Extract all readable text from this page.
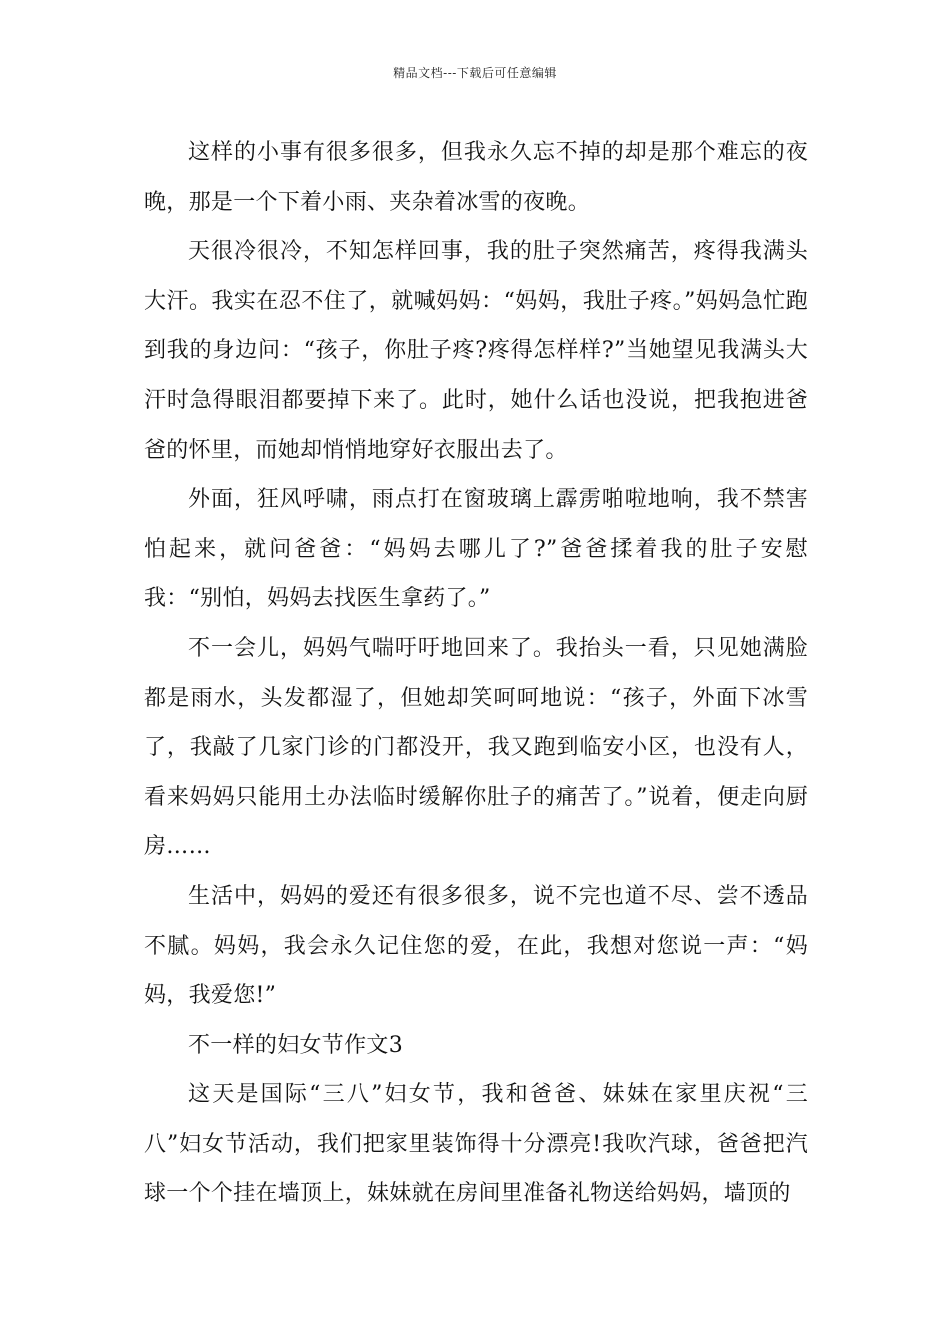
精品文档---下载后可任意编辑

这样的小事有很多很多，但我永久忘不掉的却是那个难忘的夜晚，那是一个下着小雨、夹杂着冰雪的夜晚。

天很冷很冷，不知怎样回事，我的肚子突然痛苦，疼得我满头大汗。我实在忍不住了，就喊妈妈：“妈妈，我肚子疼。”妈妈急忙跑到我的身边问：“孩子，你肚子疼?疼得怎样样?”当她望见我满头大汗时急得眼泪都要掉下来了。此时，她什么话也没说，把我抱进爸爸的怀里，而她却悄悄地穿好衣服出去了。

外面，狂风呼啸，雨点打在窗玻璃上霹雳啪啦地响，我不禁害怕起来，就问爸爸：“妈妈去哪儿了?”爸爸揉着我的肚子安慰我：“别怕，妈妈去找医生拿药了。”

不一会儿，妈妈气喘吁吁地回来了。我抬头一看，只见她满脸都是雨水，头发都湿了，但她却笑呵呵地说：“孩子，外面下冰雪了，我敲了几家门诊的门都没开，我又跑到临安小区，也没有人，看来妈妈只能用土办法临时缓解你肚子的痛苦了。”说着，便走向厨房……

生活中，妈妈的爱还有很多很多，说不完也道不尽、尝不透品不腻。妈妈，我会永久记住您的爱，在此，我想对您说一声：“妈妈，我爱您!”

不一样的妇女节作文3

这天是国际“三八”妇女节，我和爸爸、妹妹在家里庆祝“三八”妇女节活动，我们把家里装饰得十分漂亮!我吹汽球，爸爸把汽球一个个挂在墙顶上，妹妹就在房间里准备礼物送给妈妈，墙顶的
